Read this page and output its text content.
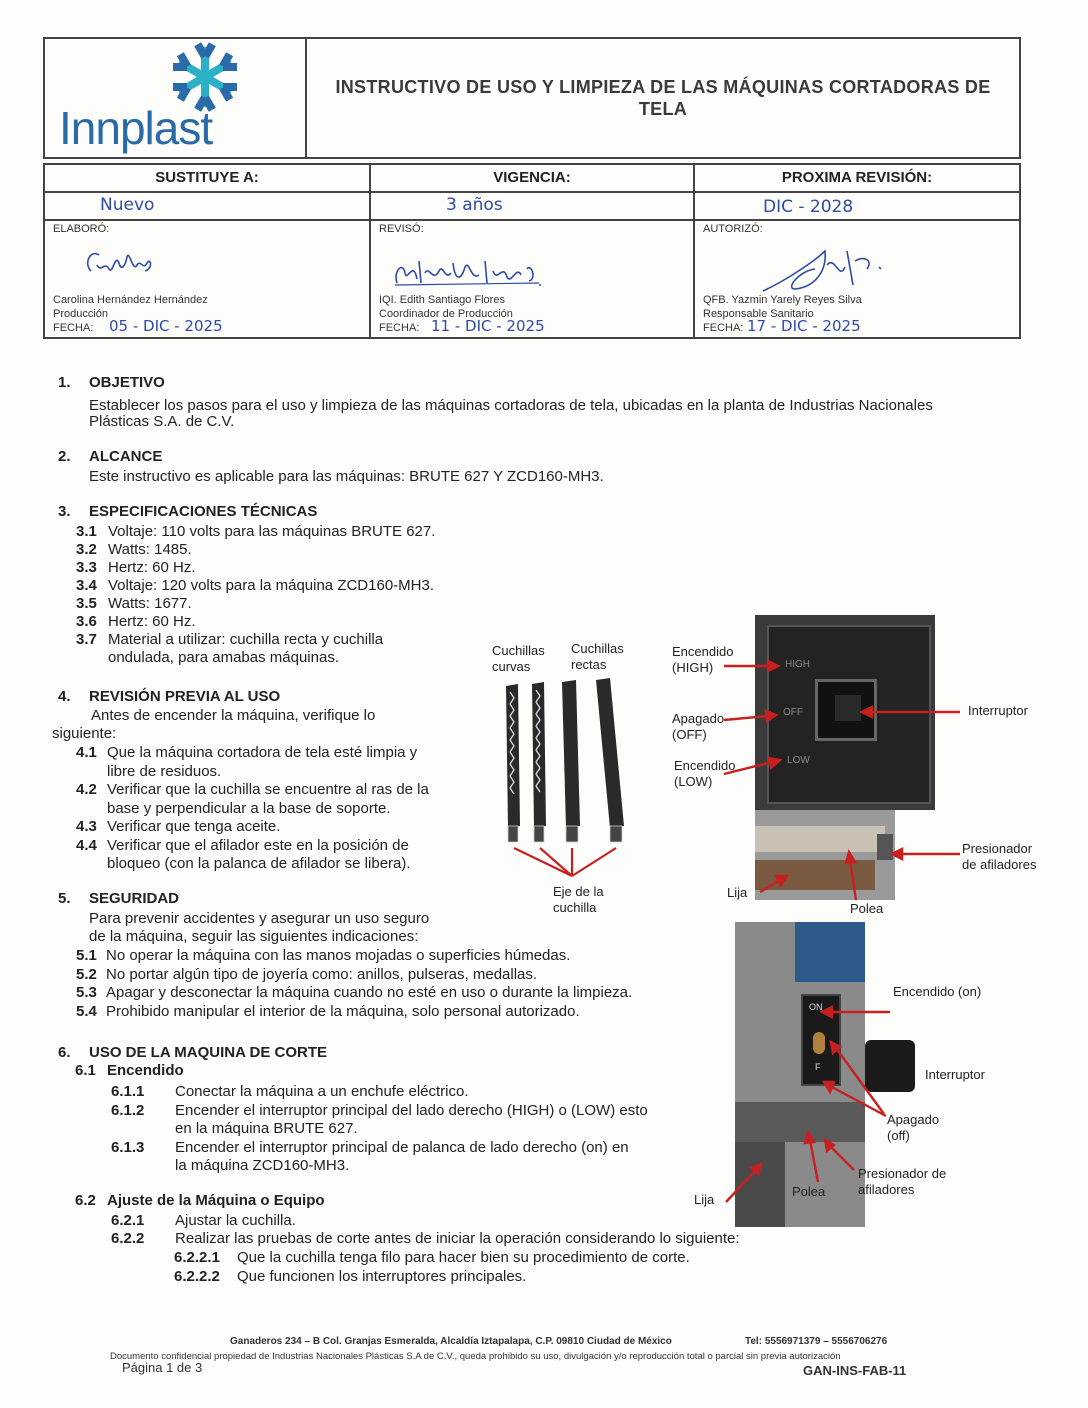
Innplast
INSTRUCTIVO DE USO Y LIMPIEZA DE LAS MÁQUINAS CORTADORAS DE TELA
SUSTITUYE A:	VIGENCIA:	PROXIMA REVISIÓN:
Nuevo	3 años	DIC - 2028
ELABORÓ:
Carolina Hernández Hernández
Producción
FECHA: 05 - DIC - 2025
REVISÓ:
IQI. Edith Santiago Flores
Coordinador de Producción
FECHA: 11 - DIC - 2025
AUTORIZÓ:
QFB. Yazmin Yarely Reyes Silva
Responsable Sanitario
FECHA: 17 - DIC - 2025
1. OBJETIVO
Establecer los pasos para el uso y limpieza de las máquinas cortadoras de tela, ubicadas en la planta de Industrias Nacionales
Plásticas S.A. de C.V.
2. ALCANCE
Este instructivo es aplicable para las máquinas: BRUTE 627 Y ZCD160-MH3.
3. ESPECIFICACIONES TÉCNICAS
3.1 Voltaje: 110 volts para las máquinas BRUTE 627.
3.2 Watts: 1485.
3.3 Hertz: 60 Hz.
3.4 Voltaje: 120 volts para la máquina ZCD160-MH3.
3.5 Watts: 1677.
3.6 Hertz: 60 Hz.
3.7 Material a utilizar: cuchilla recta y cuchilla
ondulada, para amabas máquinas.
4. REVISIÓN PREVIA AL USO
Antes de encender la máquina, verifique lo
siguiente:
4.1 Que la máquina cortadora de tela esté limpia y
libre de residuos.
4.2 Verificar que la cuchilla se encuentre al ras de la
base y perpendicular a la base de soporte.
4.3 Verificar que tenga aceite.
4.4 Verificar que el afilador este en la posición de
bloqueo (con la palanca de afilador se libera).
5. SEGURIDAD
Para prevenir accidentes y asegurar un uso seguro
de la máquina, seguir las siguientes indicaciones:
5.1 No operar la máquina con las manos mojadas o superficies húmedas.
5.2 No portar algún tipo de joyería como: anillos, pulseras, medallas.
5.3 Apagar y desconectar la máquina cuando no esté en uso o durante la limpieza.
5.4 Prohibido manipular el interior de la máquina, solo personal autorizado.
6. USO DE LA MAQUINA DE CORTE
6.1 Encendido
6.1.1 Conectar la máquina a un enchufe eléctrico.
6.1.2 Encender el interruptor principal del lado derecho (HIGH) o (LOW) esto
en la máquina BRUTE 627.
6.1.3 Encender el interruptor principal de palanca de lado derecho (on) en
la máquina ZCD160-MH3.
6.2 Ajuste de la Máquina o Equipo
6.2.1 Ajustar la cuchilla.
6.2.2 Realizar las pruebas de corte antes de iniciar la operación considerando lo siguiente:
6.2.2.1 Que la cuchilla tenga filo para hacer bien su procedimiento de corte.
6.2.2.2 Que funcionen los interruptores principales.
Cuchillas
curvas
Cuchillas
rectas
Eje de la
cuchilla
HIGH
OFF
LOW
Encendido
(HIGH)
Apagado
(OFF)
Encendido
(LOW)
Interruptor
Presionador
de afiladores
Lija
Polea
ON
F
Encendido (on)
Interruptor
Apagado
(off)
Presionador de
afiladores
Polea
Lija
Ganaderos 234 – B Col. Granjas Esmeralda, Alcaldía Iztapalapa, C.P. 09810 Ciudad de México	Tel: 5556971379 – 5556706276
Documento confidencial propiedad de Industrias Nacionales Plásticas S.A de C.V., queda prohibido su uso, divulgación y/o reproducción total o parcial sin previa autorización
Página 1 de 3	GAN-INS-FAB-11
